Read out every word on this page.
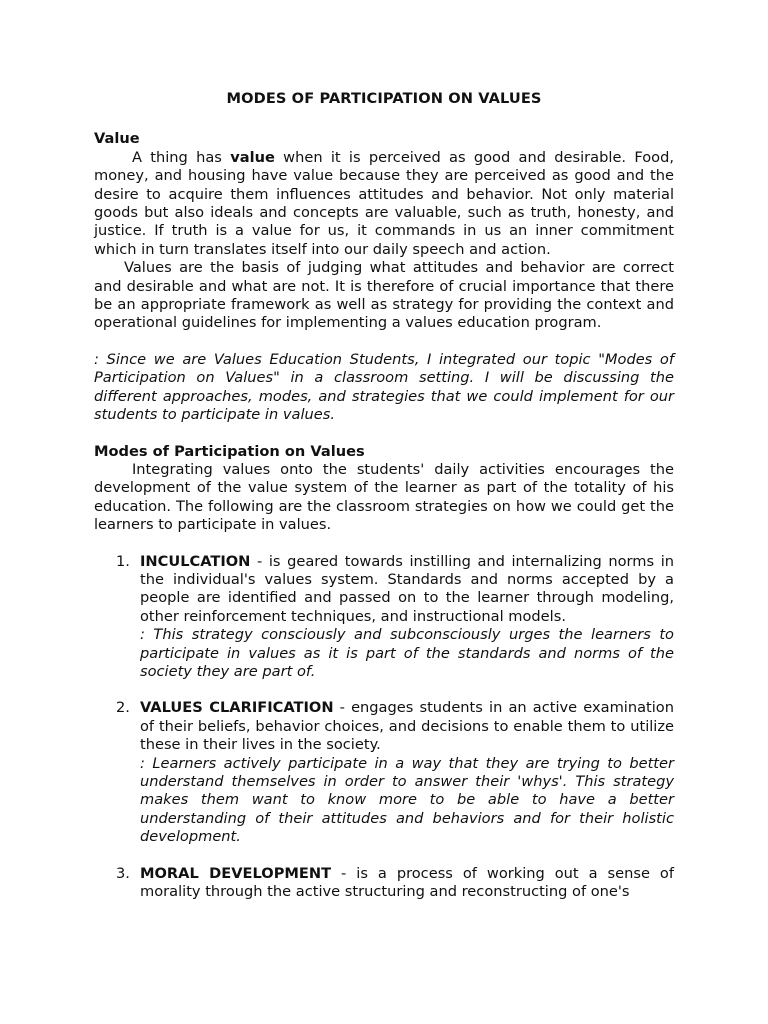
MODES OF PARTICIPATION ON VALUES
Value

A thing has value when it is perceived as good and desirable. Food, money, and housing have value because they are perceived as good and the desire to acquire them influences attitudes and behavior. Not only material goods but also ideals and concepts are valuable, such as truth, honesty, and justice. If truth is a value for us, it commands in us an inner commitment which in turn translates itself into our daily speech and action.

Values are the basis of judging what attitudes and behavior are correct and desirable and what are not. It is therefore of crucial importance that there be an appropriate framework as well as strategy for providing the context and operational guidelines for implementing a values education program.

: Since we are Values Education Students, I integrated our topic "Modes of Participation on Values" in a classroom setting. I will be discussing the different approaches, modes, and strategies that we could implement for our students to participate in values.

Modes of Participation on Values

Integrating values onto the students' daily activities encourages the development of the value system of the learner as part of the totality of his education. The following are the classroom strategies on how we could get the learners to participate in values.

1. INCULCATION - is geared towards instilling and internalizing norms in the individual's values system. Standards and norms accepted by a people are identified and passed on to the learner through modeling, other reinforcement techniques, and instructional models.

: This strategy consciously and subconsciously urges the learners to participate in values as it is part of the standards and norms of the society they are part of.

2. VALUES CLARIFICATION - engages students in an active examination of their beliefs, behavior choices, and decisions to enable them to utilize these in their lives in the society.

: Learners actively participate in a way that they are trying to better understand themselves in order to answer their 'whys'. This strategy makes them want to know more to be able to have a better understanding of their attitudes and behaviors and for their holistic development.

3. MORAL DEVELOPMENT - is a process of working out a sense of morality through the active structuring and reconstructing of one's
